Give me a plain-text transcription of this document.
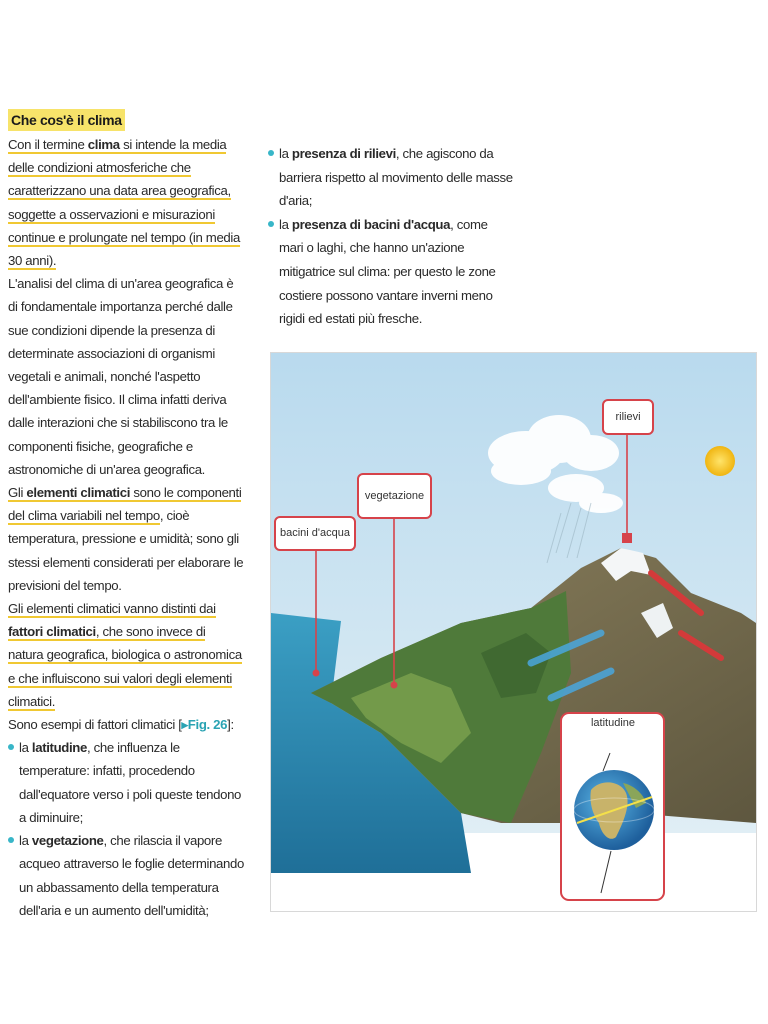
Che cos'è il clima

Con il termine clima si intende la media delle condizioni atmosferiche che caratterizzano una data area geografica, soggette a osservazioni e misurazioni continue e prolungate nel tempo (in media 30 anni).

L'analisi del clima di un'area geografica è di fondamentale importanza perché dalle sue condizioni dipende la presenza di determinate associazioni di organismi vegetali e animali, nonché l'aspetto dell'ambiente fisico. Il clima infatti deriva dalle interazioni che si stabiliscono tra le componenti fisiche, geografiche e astronomiche di un'area geografica.

Gli elementi climatici sono le componenti del clima variabili nel tempo, cioè temperatura, pressione e umidità; sono gli stessi elementi considerati per elaborare le previsioni del tempo.

Gli elementi climatici vanno distinti dai fattori climatici, che sono invece di natura geografica, biologica o astronomica e che influiscono sui valori degli elementi climatici.

Sono esempi di fattori climatici [▸Fig. 26]:

la latitudine, che influenza le temperature: infatti, procedendo dall'equatore verso i poli queste tendono a diminuire;
la vegetazione, che rilascia il vapore acqueo attraverso le foglie determinando un abbassamento della temperatura dell'aria e un aumento dell'umidità;
la presenza di rilievi, che agiscono da barriera rispetto al movimento delle masse d'aria;
la presenza di bacini d'acqua, come mari o laghi, che hanno un'azione mitigatrice sul clima: per questo le zone costiere possono vantare inverni meno rigidi ed estati più fresche.
rilievi
vegetazione
bacini d'acqua
latitudine
